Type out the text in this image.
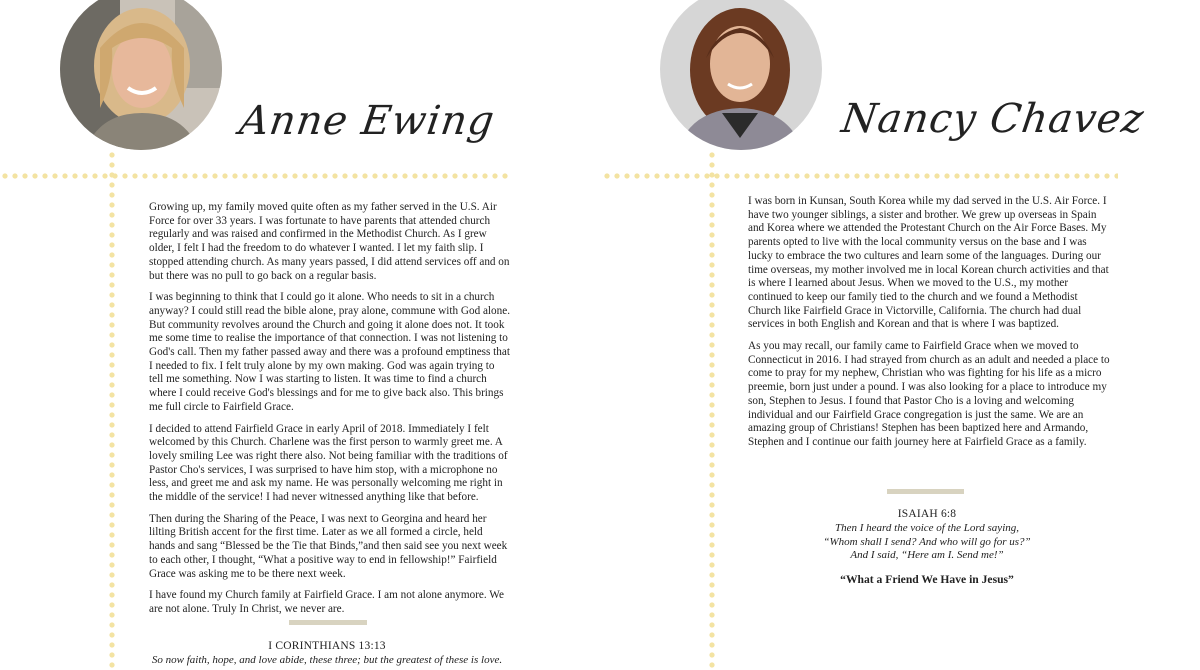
Anne Ewing

Growing up, my family moved quite often as my father served in the U.S. Air Force for over 33 years. I was fortunate to have parents that attended church regularly and was raised and confirmed in the Methodist Church. As I grew older, I felt I had the freedom to do whatever I wanted. I let my faith slip. I stopped attending church. As many years passed, I did attend services off and on but there was no pull to go back on a regular basis.

I was beginning to think that I could go it alone. Who needs to sit in a church anyway? I could still read the bible alone, pray alone, commune with God alone. But community revolves around the Church and going it alone does not. It took me some time to realise the importance of that connection. I was not listening to God's call. Then my father passed away and there was a profound emptiness that I needed to fix. I felt truly alone by my own making. God was again trying to tell me something. Now I was starting to listen. It was time to find a church where I could receive God's blessings and for me to give back also. This brings me full circle to Fairfield Grace.

I decided to attend Fairfield Grace in early April of 2018. Immediately I felt welcomed by this Church. Charlene was the first person to warmly greet me. A lovely smiling Lee was right there also. Not being familiar with the traditions of Pastor Cho's services, I was surprised to have him stop, with a microphone no less, and greet me and ask my name. He was personally welcoming me right in the middle of the service! I had never witnessed anything like that before.

Then during the Sharing of the Peace, I was next to Georgina and heard her lilting British accent for the first time. Later as we all formed a circle, held hands and sang “Blessed be the Tie that Binds,”and then said see you next week to each other, I thought, “What a positive way to end in fellowship!” Fairfield Grace was asking me to be there next week.

I have found my Church family at Fairfield Grace. I am not alone anymore. We are not alone. Truly In Christ, we never are.

I CORINTHIANS 13:13
So now faith, hope, and love abide, these three; but the greatest of these is love.
Nancy Chavez

I was born in Kunsan, South Korea while my dad served in the U.S. Air Force. I have two younger siblings, a sister and brother. We grew up overseas in Spain and Korea where we attended the Protestant Church on the Air Force Bases. My parents opted to live with the local community versus on the base and I was lucky to embrace the two cultures and learn some of the languages. During our time overseas, my mother involved me in local Korean church activities and that is where I learned about Jesus. When we moved to the U.S., my mother continued to keep our family tied to the church and we found a Methodist Church like Fairfield Grace in Victorville, California. The church had dual services in both English and Korean and that is where I was baptized.

As you may recall, our family came to Fairfield Grace when we moved to Connecticut in 2016. I had strayed from church as an adult and needed a place to come to pray for my nephew, Christian who was fighting for his life as a micro preemie, born just under a pound. I was also looking for a place to introduce my son, Stephen to Jesus. I found that Pastor Cho is a loving and welcoming individual and our Fairfield Grace congregation is just the same. We are an amazing group of Christians! Stephen has been baptized here and Armando, Stephen and I continue our faith journey here at Fairfield Grace as a family.

ISAIAH 6:8
Then I heard the voice of the Lord saying,
“Whom shall I send? And who will go for us?”
And I said, “Here am I. Send me!”
“What a Friend We Have in Jesus”
